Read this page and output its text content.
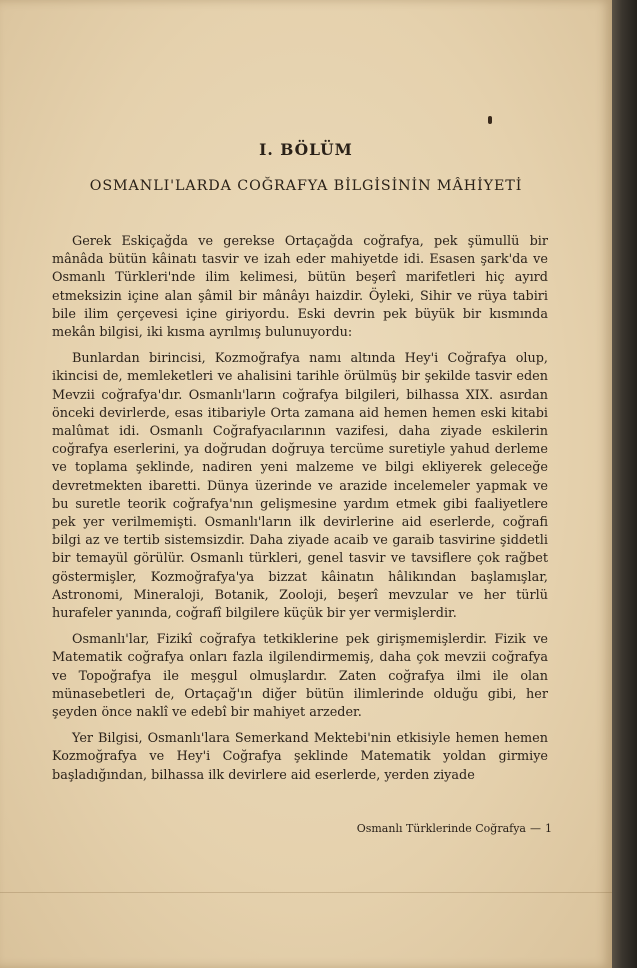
I. BÖLÜM
OSMANLI'LARDA COĞRAFYA BİLGİSİNİN MÂHİYETİ

Gerek Eskiçağda ve gerekse Ortaçağda coğrafya, pek şümullü bir mânâda bütün kâinatı tasvir ve izah eder mahiyetde idi. Esasen şark'da ve Osmanlı Türkleri'nde ilim kelimesi, bütün beşerî marifetleri hiç ayırd etmeksizin içine alan şâmil bir mânâyı haizdir. Öyleki, Sihir ve rüya tabiri bile ilim çerçevesi içine giriyordu. Eski devrin pek büyük bir kısmında mekân bilgisi, iki kısma ayrılmış bulunuyordu:

Bunlardan birincisi, Kozmoğrafya namı altında Hey'i Coğrafya olup, ikincisi de, memleketleri ve ahalisini tarihle örülmüş bir şekilde tasvir eden Mevzii coğrafya'dır. Osmanlı'ların coğrafya bilgileri, bilhassa XIX. asırdan önceki devirlerde, esas itibariyle Orta zamana aid hemen hemen eski kitabi malûmat idi. Osmanlı Coğrafyacılarının vazifesi, daha ziyade eskilerin coğrafya eserlerini, ya doğrudan doğruya tercüme suretiyle yahud derleme ve toplama şeklinde, nadiren yeni malzeme ve bilgi ekliyerek geleceğe devretmekten ibaretti. Dünya üzerinde ve arazide incelemeler yapmak ve bu suretle teorik coğrafya'nın gelişmesine yardım etmek gibi faaliyetlere pek yer verilmemişti. Osmanlı'ların ilk devirlerine aid eserlerde, coğrafi bilgi az ve tertib sistemsizdir. Daha ziyade acaib ve garaib tasvirine şiddetli bir temayül görülür. Osmanlı türkleri, genel tasvir ve tavsiflere çok rağbet göstermişler, Kozmoğrafya'ya bizzat kâinatın hâlikından başlamışlar, Astronomi, Mineraloji, Botanik, Zooloji, beşerî mevzular ve her türlü hurafeler yanında, coğrafî bilgilere küçük bir yer vermişlerdir.

Osmanlı'lar, Fizikî coğrafya tetkiklerine pek girişmemişlerdir. Fizik ve Matematik coğrafya onları fazla ilgilendirmemiş, daha çok mevzii coğrafya ve Topoğrafya ile meşgul olmuşlardır. Zaten coğrafya ilmi ile olan münasebetleri de, Ortaçağ'ın diğer bütün ilimlerinde olduğu gibi, her şeyden önce naklî ve edebî bir mahiyet arzeder.

Yer Bilgisi, Osmanlı'lara Semerkand Mektebi'nin etkisiyle hemen hemen Kozmoğrafya ve Hey'i Coğrafya şeklinde Matematik yoldan girmiye başladığından, bilhassa ilk devirlere aid eserlerde, yerden ziyade

Osmanlı Türklerinde Coğrafya — 1
